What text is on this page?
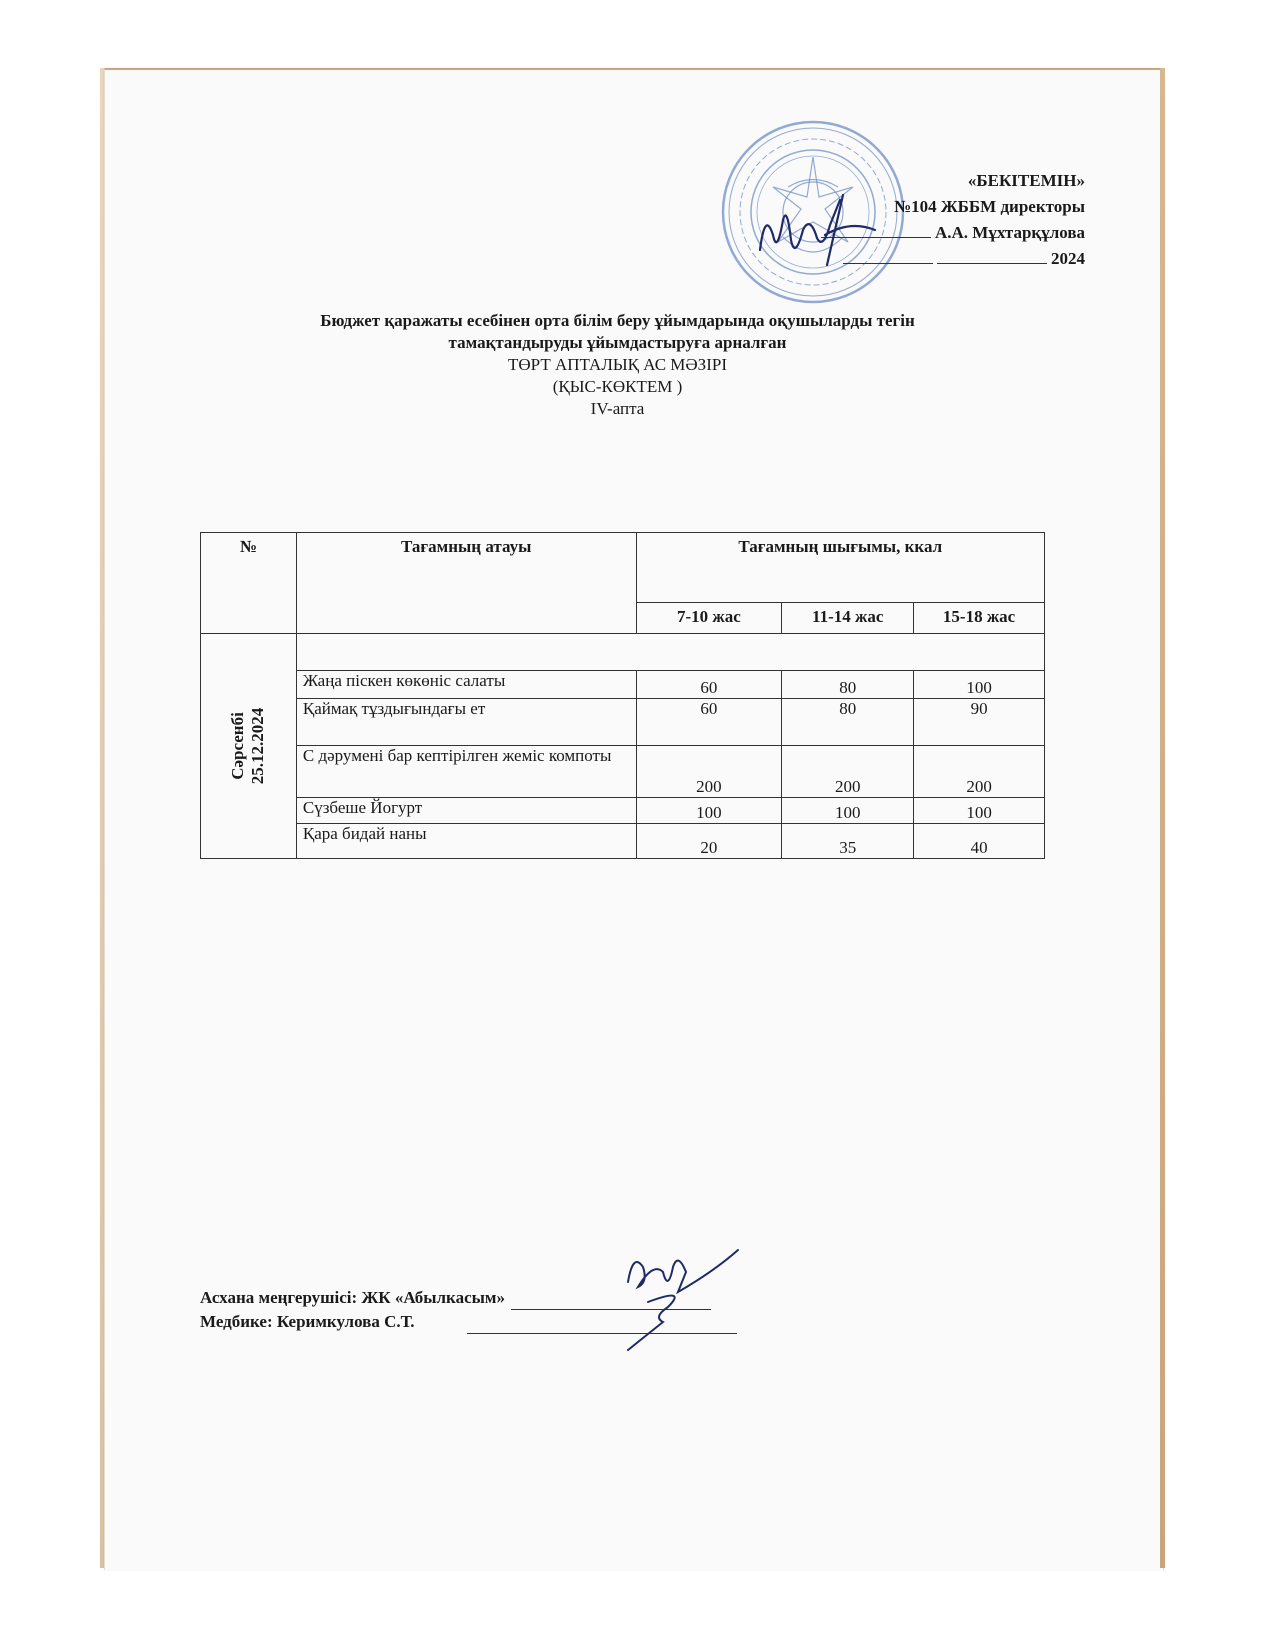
«БЕКІТЕМІН»
№104 ЖББМ директоры
А.А. Мұхтарқұлова
2024
Бюджет қаражаты есебінен орта білім беру ұйымдарында оқушыларды тегін
тамақтандыруды ұйымдастыруға арналған
ТӨРТ АПТАЛЫҚ АС МӘЗІРІ
(ҚЫС-КӨКТЕМ )
IV-апта
№	Тағамның атауы	Тағамның шығымы, ккал		
		7-10 жас	11-14 жас	15-18 жас

Сәрсенбі 25.12.2024				

	Жаңа піскен көкөніс салаты	60	80	100
	Қаймақ тұздығындағы ет	60	80	90
	С дәрумені бар кептірілген жеміс компоты	200	200	200
	Сүзбеше Йогурт	100	100	100
	Қара бидай наны	20	35	40
Асхана меңгерушісі: ЖК «Абылкасым»
Медбике: Керимкулова С.Т.
